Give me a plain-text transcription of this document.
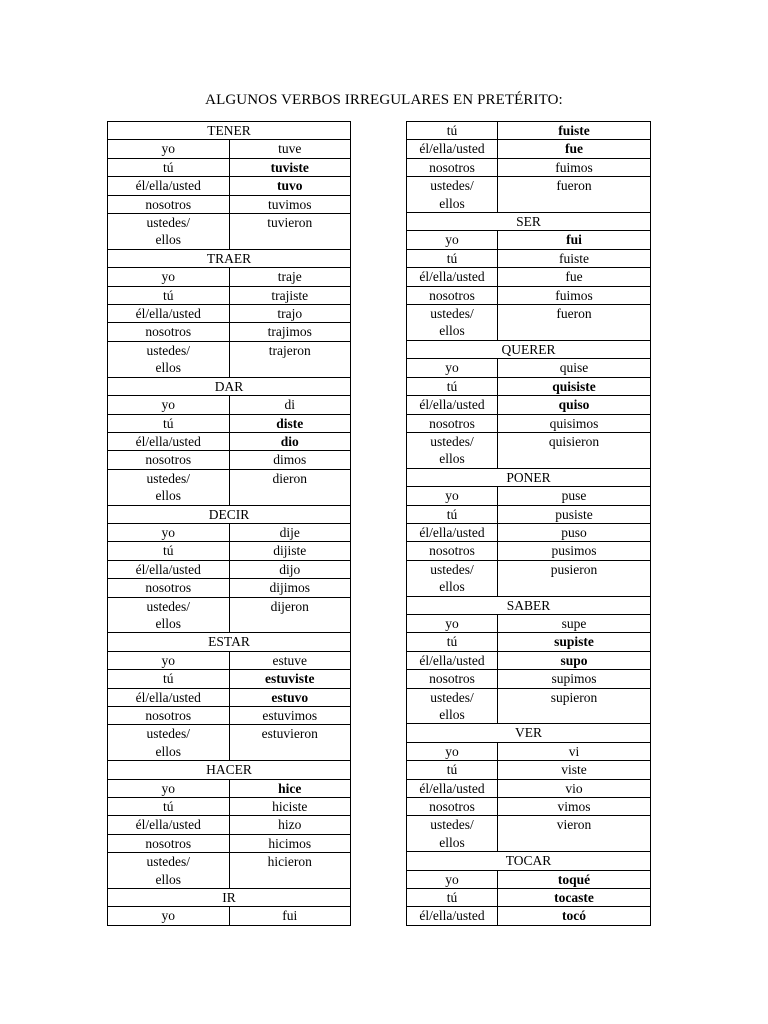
ALGUNOS VERBOS IRREGULARES EN PRETÉRITO:
TENER	
yo	tuve
tú	tuviste
él/ella/usted	tuvo
nosotros	tuvimos

ustedes/
ellos	tuvieron
TRAER	
yo	traje
tú	trajiste
él/ella/usted	trajo
nosotros	trajimos

ustedes/
ellos	trajeron
DAR	
yo	di
tú	diste
él/ella/usted	dio
nosotros	dimos

ustedes/
ellos	dieron
DECIR	
yo	dije
tú	dijiste
él/ella/usted	dijo
nosotros	dijimos

ustedes/
ellos	dijeron
ESTAR	
yo	estuve
tú	estuviste
él/ella/usted	estuvo
nosotros	estuvimos

ustedes/
ellos	estuvieron
HACER	
yo	hice
tú	hiciste
él/ella/usted	hizo
nosotros	hicimos

ustedes/
ellos	hicieron
IR	
yo	fui
tú	fuiste
él/ella/usted	fue
nosotros	fuimos

ustedes/
ellos	fueron
SER	
yo	fui
tú	fuiste
él/ella/usted	fue
nosotros	fuimos

ustedes/
ellos	fueron
QUERER	
yo	quise
tú	quisiste
él/ella/usted	quiso
nosotros	quisimos

ustedes/
ellos	quisieron
PONER	
yo	puse
tú	pusiste
él/ella/usted	puso
nosotros	pusimos

ustedes/
ellos	pusieron
SABER	
yo	supe
tú	supiste
él/ella/usted	supo
nosotros	supimos

ustedes/
ellos	supieron
VER	
yo	vi
tú	viste
él/ella/usted	vio
nosotros	vimos

ustedes/
ellos	vieron
TOCAR	
yo	toqué
tú	tocaste
él/ella/usted	tocó
